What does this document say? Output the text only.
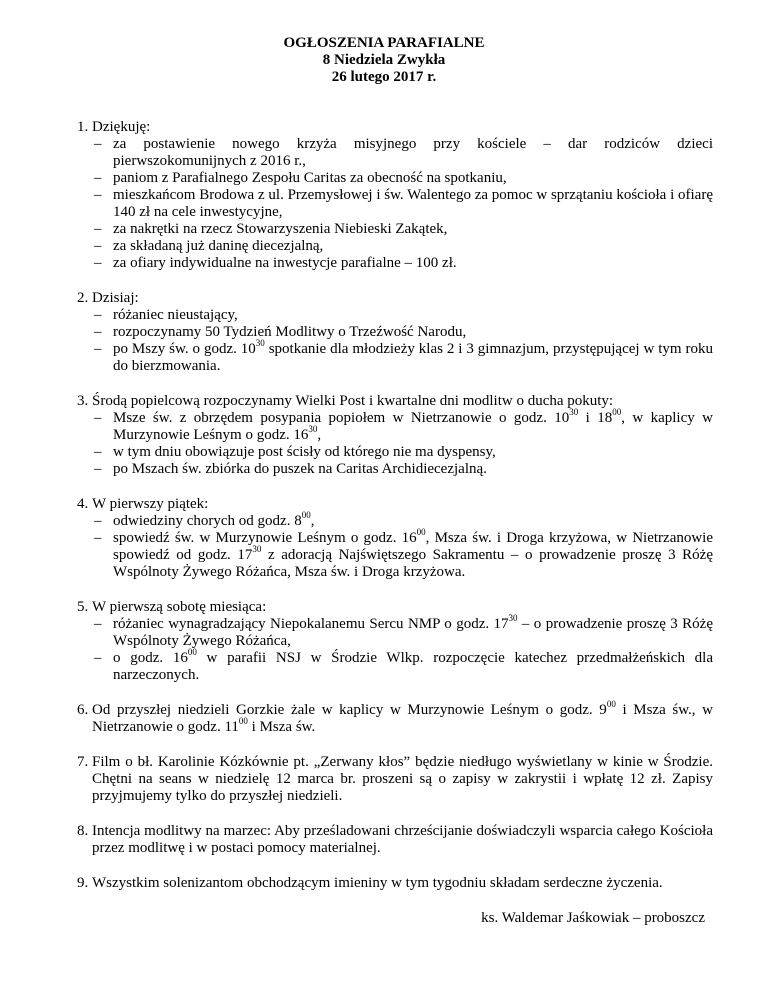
OGŁOSZENIA PARAFIALNE
8 Niedziela Zwykła
26 lutego 2017 r.
1. Dziękuję:
– za postawienie nowego krzyża misyjnego przy kościele – dar rodziców dzieci pierwszokomunijnych z 2016 r.,
– paniom z Parafialnego Zespołu Caritas za obecność na spotkaniu,
– mieszkańcom Brodowa z ul. Przemysłowej i św. Walentego za pomoc w sprzątaniu kościoła i ofiarę 140 zł na cele inwestycyjne,
– za nakrętki na rzecz Stowarzyszenia Niebieski Zakątek,
– za składaną już daninę diecezjalną,
– za ofiary indywidualne na inwestycje parafialne – 100 zł.
2. Dzisiaj:
– różaniec nieustający,
– rozpoczynamy 50 Tydzień Modlitwy o Trzeźwość Narodu,
– po Mszy św. o godz. $10^{30}$ spotkanie dla młodzieży klas 2 i 3 gimnazjum, przystępującej w tym roku do bierzmowania.
3. Środą popielcową rozpoczynamy Wielki Post i kwartalne dni modlitw o ducha pokuty:
– Msze św. z obrzędem posypania popiołem w Nietrzanowie o godz. $10^{30}$ i $18^{00}$, w kaplicy w Murzynowie Leśnym o godz. $16^{30}$,
– w tym dniu obowiązuje post ścisły od którego nie ma dyspensy,
– po Mszach św. zbiórka do puszek na Caritas Archidiecezjalną.
4. W pierwszy piątek:
– odwiedziny chorych od godz. $8^{00}$,
– spowiedź św. w Murzynowie Leśnym o godz. $16^{00}$, Msza św. i Droga krzyżowa, w Nietrzanowie spowiedź od godz. $17^{30}$ z adoracją Najświętszego Sakramentu – o prowadzenie proszę 3 Różę Wspólnoty Żywego Różańca, Msza św. i Droga krzyżowa.
5. W pierwszą sobotę miesiąca:
– różaniec wynagradzający Niepokalanemu Sercu NMP o godz. $17^{30}$ – o prowadzenie proszę 3 Różę Wspólnoty Żywego Różańca,
– o godz. $16^{00}$ w parafii NSJ w Środzie Wlkp. rozpoczęcie katechez przedmałżeńskich dla narzeczonych.
6. Od przyszłej niedzieli Gorzkie żale w kaplicy w Murzynowie Leśnym o godz. $9^{00}$ i Msza św., w Nietrzanowie o godz. $11^{00}$ i Msza św.
7. Film o bł. Karolinie Kózkównie pt. „Zerwany kłos” będzie niedługo wyświetlany w kinie w Środzie. Chętni na seans w niedzielę 12 marca br. proszeni są o zapisy w zakrystii i wpłatę 12 zł. Zapisy przyjmujemy tylko do przyszłej niedzieli.
8. Intencja modlitwy na marzec: Aby prześladowani chrześcijanie doświadczyli wsparcia całego Kościoła przez modlitwę i w postaci pomocy materialnej.
9. Wszystkim solenizantom obchodzącym imieniny w tym tygodniu składam serdeczne życzenia.
ks. Waldemar Jaśkowiak – proboszcz
